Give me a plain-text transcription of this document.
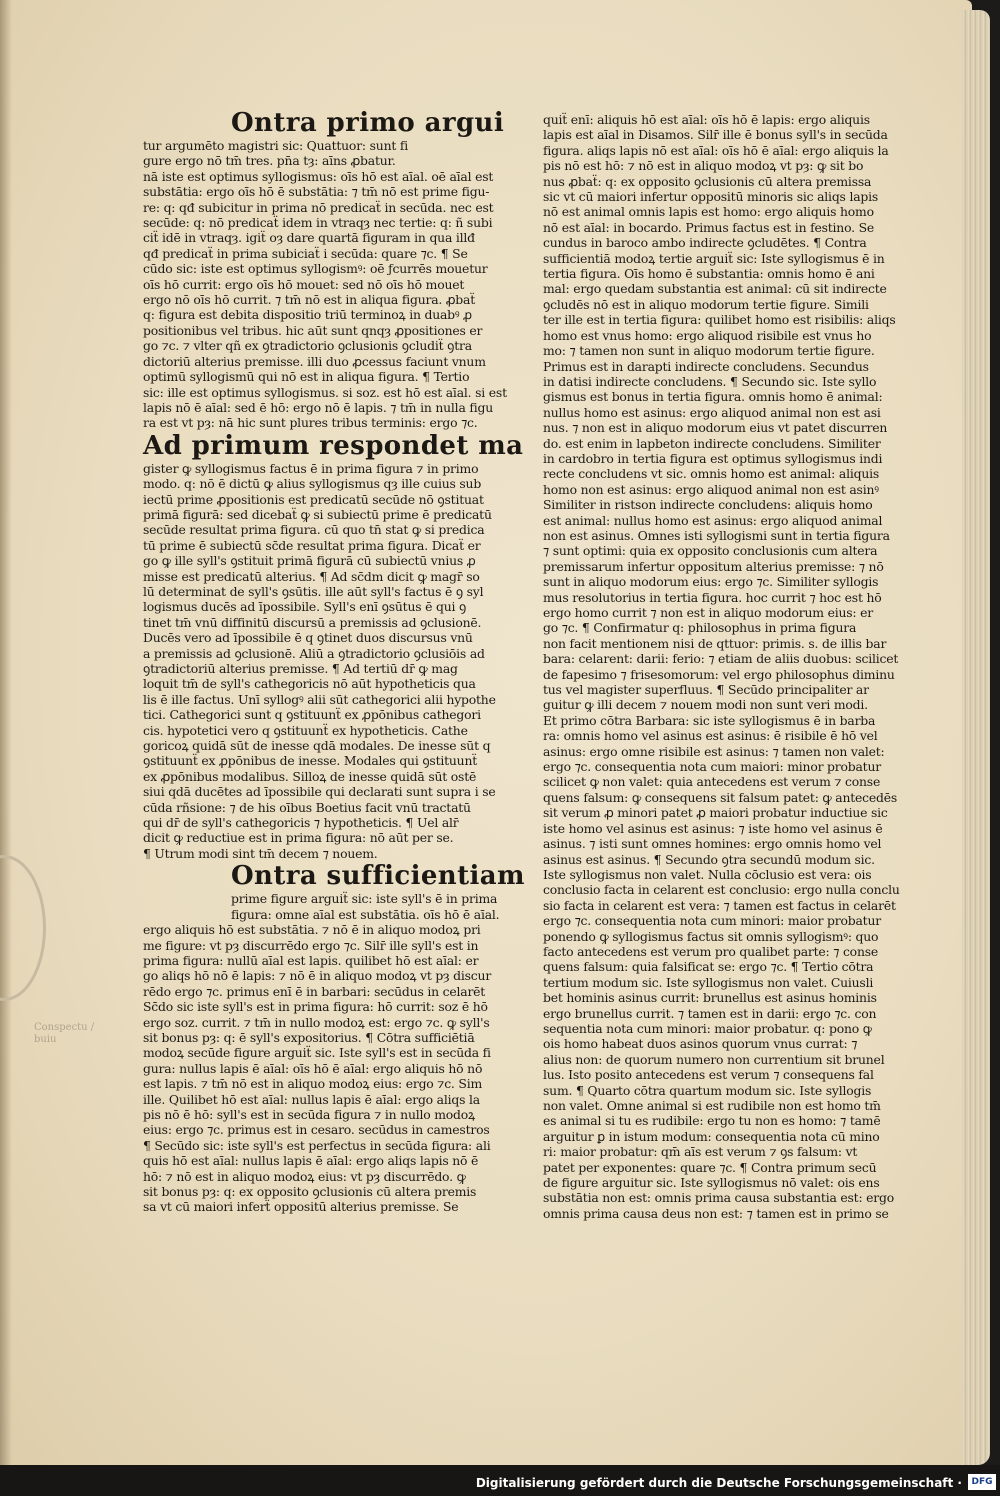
Conspectu / buiu
Ontra primo argui
tur argumēto magistri sic: Quattuor: sunt fi
gure ergo nō tm̄ tres. pn̄a tȝ: aīns ꝓbatur.
nā iste est optimus syllogismus: oīs hō est aīal. oē aīal est
substātia: ergo oīs hō ē substātia: ⁊ tm̄ nō est prime figu-
re: q: qđ subicitur in prima nō predicaẗ in secūda. nec est
secūde: q: nō predicaẗ idem in vtraqȝ nec tertie: q: ñ subi
ciẗ idē in vtraqȝ. igiẗ oȝ dare quartā figuram in qua illđ
qđ predicaẗ in prima subiciaẗ i secūda: quare ⁊c. ¶ Se
cūdo sic: iste est optimus syllogismꝰ: oē ƒcurrēs mouetur
oīs hō currit: ergo oīs hō mouet: sed nō oīs hō mouet
ergo nō oīs hō currit. ⁊ tm̄ nō est in aliqua figura. ꝓbaẗ
q: figura est debita dispositio triū terminoꝝ in duabꝰ ꝓ
positionibus vel tribus. hic aūt sunt qnqȝ ꝓpositiones er
go ⁊c. ⁊ vlter qñ ex ꝯtradictorio ꝯclusionis ꝯcludiẗ ꝯtra
dictoriū alterius premisse. illi duo ꝓcessus faciunt vnum
optimū syllogismū qui nō est in aliqua figura. ¶ Tertio
sic: ille est optimus syllogismus. si soz. est hō est aīal. si est
lapis nō ē aīal: sed ē hō: ergo nō ē lapis. ⁊ tm̄ in nulla figu
ra est vt pȝ: nā hic sunt plures tribus terminis: ergo ⁊c.
Ad primum respondet ma
gister ꝙ syllogismus factus ē in prima figura ⁊ in primo
modo. q: nō ē dictū ꝙ alius syllogismus qȝ ille cuius sub
iectū prime ꝓpositionis est predicatū secūde nō ꝯstituat
primā figurā: sed dicebaẗ ꝙ si subiectū prime ē predicatū
secūde resultat prima figura. cū quo tn̄ stat ꝙ si predica
tū prime ē subiectū sc̄de resultat prima figura. Dicaẗ er
go ꝙ ille syll's ꝯstituit primā figurā cū subiectū vnius ꝓ
misse est predicatū alterius. ¶ Ad sc̄dm dicit ꝙ magr̄ so
lū determinat de syll's ꝯsūtis. ille aūt syll's factus ē ꝯ syl
logismus ducēs ad īpossibile. Syll's enī ꝯsūtus ē qui ꝯ
tinet tm̄ vnū diffinitū discursū a premissis ad ꝯclusionē.
Ducēs vero ad īpossibile ē q ꝯtinet duos discursus vnū
a premissis ad ꝯclusionē. Aliū a ꝯtradictorio ꝯclusiōis ad
ꝯtradictoriū alterius premisse. ¶ Ad tertiū dr̄ ꝙ mag
loquit tm̄ de syll's cathegoricis nō aūt hypotheticis qua
lis ē ille factus. Unī syllogꝰ alii sūt cathegorici alii hypothe
tici. Cathegorici sunt q ꝯstituunẗ ex ꝓpōnibus cathegori
cis. hypotetici vero q ꝯstituunẗ ex hypotheticis. Cathe
goricoꝝ quidā sūt de inesse qdā modales. De inesse sūt q
ꝯstituunẗ ex ꝓpōnibus de inesse. Modales qui ꝯstituunẗ
ex ꝓpōnibus modalibus. Silloꝝ de inesse quidā sūt ostē
siui qdā ducētes ad īpossibile qui declarati sunt supra i se
cūda rñsione: ⁊ de his oībus Boetius facit vnū tractatū
qui dr̄ de syll's cathegoricis ⁊ hypotheticis. ¶ Uel alr̄
dicit ꝙ reductiue est in prima figura: nō aūt per se.
¶ Utrum modi sint tm̄ decem ⁊ nouem.
Ontra sufficientiam
prime figure arguiẗ sic: iste syll's ē in prima
figura: omne aīal est substātia. oīs hō ē aīal.
ergo aliquis hō est substātia. ⁊ nō ē in aliquo modoꝝ pri
me figure: vt pȝ discurrēdo ergo ⁊c. Silr̄ ille syll's est in
prima figura: nullū aīal est lapis. quilibet hō est aīal: er
go aliqs hō nō ē lapis: ⁊ nō ē in aliquo modoꝝ vt pȝ discur
rēdo ergo ⁊c. primus enī ē in barbari: secūdus in celarēt
Sc̄do sic iste syll's est in prima figura: hō currit: soz ē hō
ergo soz. currit. ⁊ tm̄ in nullo modoꝝ est: ergo ⁊c. ꝙ syll's
sit bonus pȝ: q: ē syll's expositorius. ¶ Cōtra sufficiētiā
modoꝝ secūde figure arguiẗ sic. Iste syll's est in secūda fi
gura: nullus lapis ē aīal: oīs hō ē aīal: ergo aliquis hō nō
est lapis. ⁊ tm̄ nō est in aliquo modoꝝ eius: ergo ⁊c. Sim
ille. Quilibet hō est aīal: nullus lapis ē aīal: ergo aliqs la
pis nō ē hō: syll's est in secūda figura ⁊ in nullo modoꝝ
eius: ergo ⁊c. primus est in cesaro. secūdus in camestros
¶ Secūdo sic: iste syll's est perfectus in secūda figura: ali
quis hō est aīal: nullus lapis ē aīal: ergo aliqs lapis nō ē
hō: ⁊ nō est in aliquo modoꝝ eius: vt pȝ discurrēdo. ꝙ
sit bonus pȝ: q: ex opposito ꝯclusionis cū altera premis
sa vt cū maiori inferẗ oppositū alterius premisse. Se
quiẗ enī: aliquis hō est aīal: oīs hō ē lapis: ergo aliquis
lapis est aīal in Disamos. Silr̄ ille ē bonus syll's in secūda
figura. aliqs lapis nō est aīal: oīs hō ē aīal: ergo aliquis la
pis nō est hō: ⁊ nō est in aliquo modoꝝ vt pȝ: ꝙ sit bo
nus ꝓbaẗ: q: ex opposito ꝯclusionis cū altera premissa
sic vt cū maiori infertur oppositū minoris sic aliqs lapis
nō est animal omnis lapis est homo: ergo aliquis homo
nō est aīal: in bocardo. Primus factus est in festino. Se
cundus in baroco ambo indirecte ꝯcludētes. ¶ Contra
sufficientiā modoꝝ tertie arguiẗ sic: Iste syllogismus ē in
tertia figura. Oīs homo ē substantia: omnis homo ē ani
mal: ergo quedam substantia est animal: cū sit indirecte
ꝯcludēs nō est in aliquo modorum tertie figure. Simili
ter ille est in tertia figura: quilibet homo est risibilis: aliqs
homo est vnus homo: ergo aliquod risibile est vnus ho
mo: ⁊ tamen non sunt in aliquo modorum tertie figure.
Primus est in darapti indirecte concludens. Secundus
in datisi indirecte concludens. ¶ Secundo sic. Iste syllo
gismus est bonus in tertia figura. omnis homo ē animal:
nullus homo est asinus: ergo aliquod animal non est asi
nus. ⁊ non est in aliquo modorum eius vt patet discurren
do. est enim in lapbeton indirecte concludens. Similiter
in cardobro in tertia figura est optimus syllogismus indi
recte concludens vt sic. omnis homo est animal: aliquis
homo non est asinus: ergo aliquod animal non est asinꝰ
Similiter in ristson indirecte concludens: aliquis homo
est animal: nullus homo est asinus: ergo aliquod animal
non est asinus. Omnes isti syllogismi sunt in tertia figura
⁊ sunt optimi: quia ex opposito conclusionis cum altera
premissarum infertur oppositum alterius premisse: ⁊ nō
sunt in aliquo modorum eius: ergo ⁊c. Similiter syllogis
mus resolutorius in tertia figura. hoc currit ⁊ hoc est hō
ergo homo currit ⁊ non est in aliquo modorum eius: er
go ⁊c. ¶ Confirmatur q: philosophus in prima figura
non facit mentionem nisi de qttuor: primis. s. de illis bar
bara: celarent: darii: ferio: ⁊ etiam de aliis duobus: scilicet
de fapesimo ⁊ frisesomorum: vel ergo philosophus diminu
tus vel magister superfluus. ¶ Secūdo principaliter ar
guitur ꝙ illi decem ⁊ nouem modi non sunt veri modi.
Et primo cōtra Barbara: sic iste syllogismus ē in barba
ra: omnis homo vel asinus est asinus: ē risibile ē hō vel
asinus: ergo omne risibile est asinus: ⁊ tamen non valet:
ergo ⁊c. consequentia nota cum maiori: minor probatur
scilicet ꝙ non valet: quia antecedens est verum ⁊ conse
quens falsum: ꝙ consequens sit falsum patet: ꝙ antecedēs
sit verum ꝓ minori patet ꝓ maiori probatur inductiue sic
iste homo vel asinus est asinus: ⁊ iste homo vel asinus ē
asinus. ⁊ isti sunt omnes homines: ergo omnis homo vel
asinus est asinus. ¶ Secundo ꝯtra secundū modum sic.
Iste syllogismus non valet. Nulla cōclusio est vera: ois
conclusio facta in celarent est conclusio: ergo nulla conclu
sio facta in celarent est vera: ⁊ tamen est factus in celarēt
ergo ⁊c. consequentia nota cum minori: maior probatur
ponendo ꝙ syllogismus factus sit omnis syllogismꝰ: quo
facto antecedens est verum pro qualibet parte: ⁊ conse
quens falsum: quia falsificat se: ergo ⁊c. ¶ Tertio cōtra
tertium modum sic. Iste syllogismus non valet. Cuiusli
bet hominis asinus currit: brunellus est asinus hominis
ergo brunellus currit. ⁊ tamen est in darii: ergo ⁊c. con
sequentia nota cum minori: maior probatur. q: pono ꝙ
ois homo habeat duos asinos quorum vnus currat: ⁊
alius non: de quorum numero non currentium sit brunel
lus. Isto posito antecedens est verum ⁊ consequens fal
sum. ¶ Quarto cōtra quartum modum sic. Iste syllogis
non valet. Omne animal si est rudibile non est homo tm̄
es animal si tu es rudibile: ergo tu non es homo: ⁊ tamē
arguitur ꝑ in istum modum: consequentia nota cū mino
ri: maior probatur: qm̄ aīs est verum ⁊ ꝯs falsum: vt
patet per exponentes: quare ⁊c. ¶ Contra primum secū
de figure arguitur sic. Iste syllogismus nō valet: ois ens
substātia non est: omnis prima causa substantia est: ergo
omnis prima causa deus non est: ⁊ tamen est in primo se
Digitalisierung gefördert durch die Deutsche Forschungsgemeinschaft ·	DFG
